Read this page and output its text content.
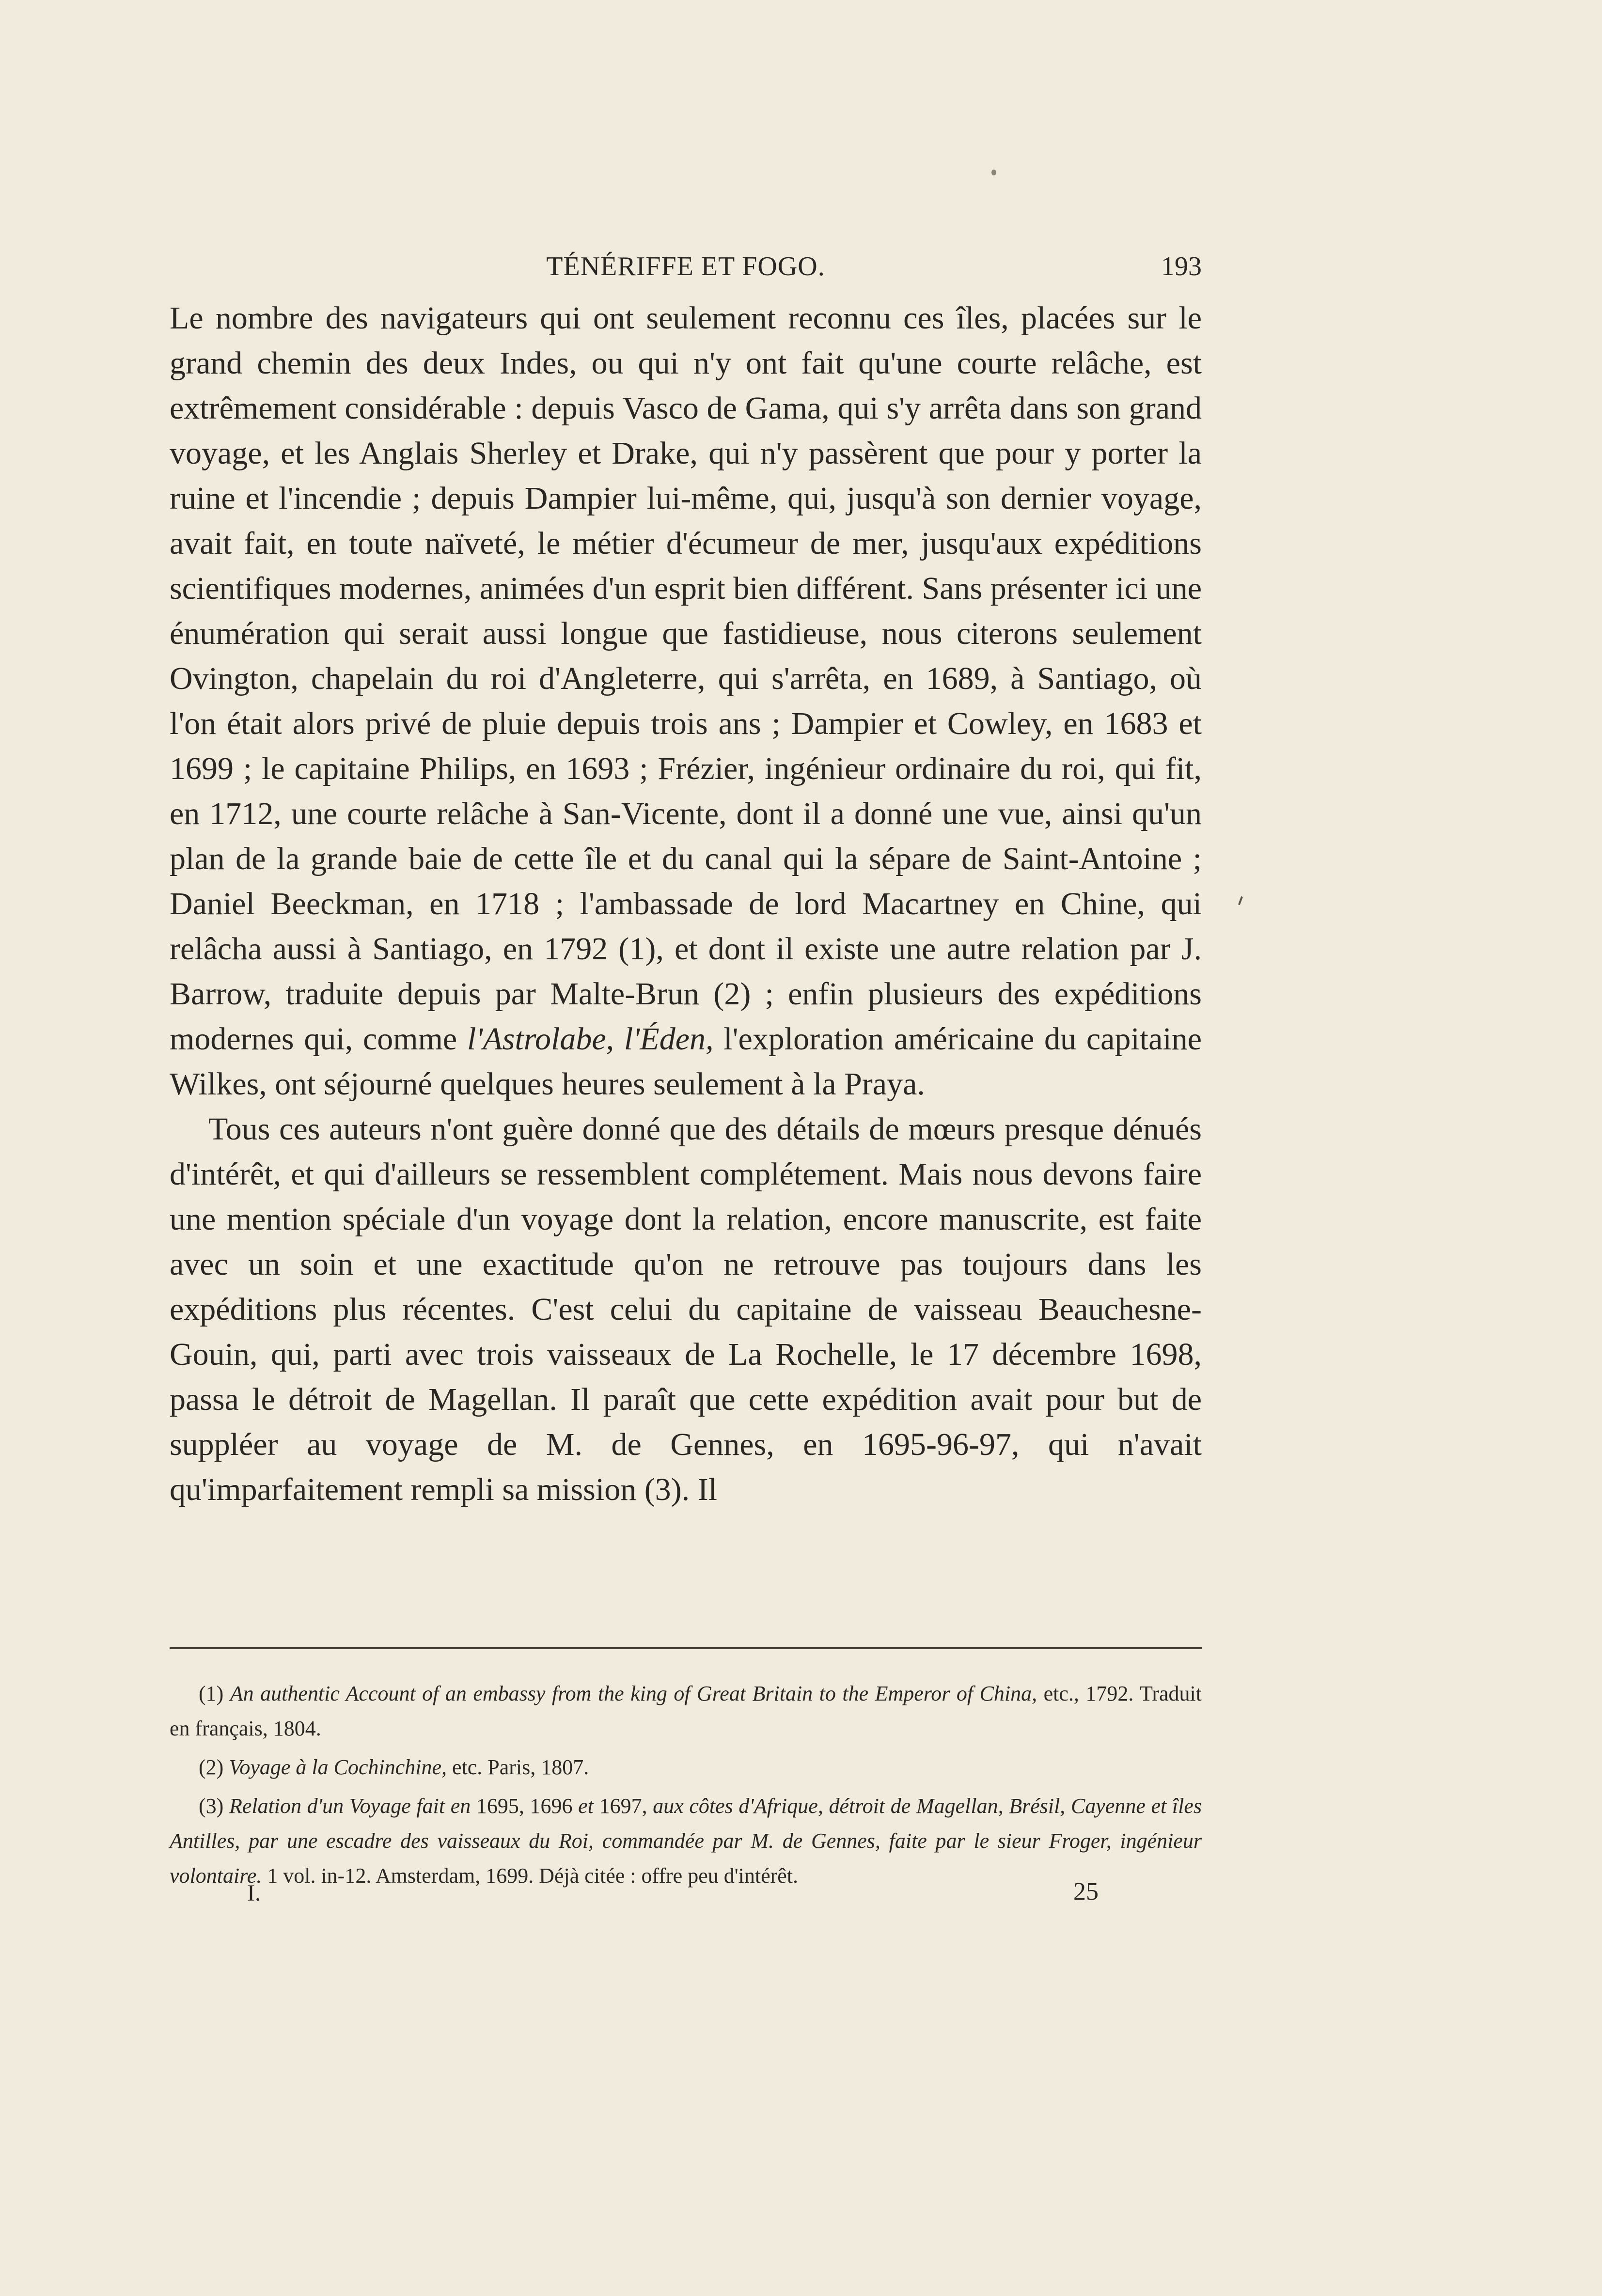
TÉNÉRIFFE ET FOGO.	193

Le nombre des navigateurs qui ont seulement reconnu ces îles, placées sur le grand chemin des deux Indes, ou qui n'y ont fait qu'une courte relâche, est extrêmement considérable : depuis Vasco de Gama, qui s'y arrêta dans son grand voyage, et les Anglais Sherley et Drake, qui n'y passèrent que pour y porter la ruine et l'incendie ; depuis Dampier lui-même, qui, jusqu'à son dernier voyage, avait fait, en toute naïveté, le métier d'écumeur de mer, jusqu'aux expéditions scientifiques modernes, animées d'un esprit bien différent. Sans présenter ici une énumération qui serait aussi longue que fastidieuse, nous citerons seulement Ovington, chapelain du roi d'Angleterre, qui s'arrêta, en 1689, à Santiago, où l'on était alors privé de pluie depuis trois ans ; Dampier et Cowley, en 1683 et 1699 ; le capitaine Philips, en 1693 ; Frézier, ingénieur ordinaire du roi, qui fit, en 1712, une courte relâche à San-Vicente, dont il a donné une vue, ainsi qu'un plan de la grande baie de cette île et du canal qui la sépare de Saint-Antoine ; Daniel Beeckman, en 1718 ; l'ambassade de lord Macartney en Chine, qui relâcha aussi à Santiago, en 1792 (1), et dont il existe une autre relation par J. Barrow, traduite depuis par Malte-Brun (2) ; enfin plusieurs des expéditions modernes qui, comme l'Astrolabe, l'Éden, l'exploration américaine du capitaine Wilkes, ont séjourné quelques heures seulement à la Praya.

Tous ces auteurs n'ont guère donné que des détails de mœurs presque dénués d'intérêt, et qui d'ailleurs se ressemblent complétement. Mais nous devons faire une mention spéciale d'un voyage dont la relation, encore manuscrite, est faite avec un soin et une exactitude qu'on ne retrouve pas toujours dans les expéditions plus récentes. C'est celui du capitaine de vaisseau Beauchesne-Gouin, qui, parti avec trois vaisseaux de La Rochelle, le 17 décembre 1698, passa le détroit de Magellan. Il paraît que cette expédition avait pour but de suppléer au voyage de M. de Gennes, en 1695-96-97, qui n'avait qu'imparfaitement rempli sa mission (3). Il

(1) An authentic Account of an embassy from the king of Great Britain to the Emperor of China, etc., 1792. Traduit en français, 1804.

(2) Voyage à la Cochinchine, etc. Paris, 1807.

(3) Relation d'un Voyage fait en 1695, 1696 et 1697, aux côtes d'Afrique, détroit de Magellan, Brésil, Cayenne et îles Antilles, par une escadre des vaisseaux du Roi, commandée par M. de Gennes, faite par le sieur Froger, ingénieur volontaire. 1 vol. in-12. Amsterdam, 1699. Déjà citée : offre peu d'intérêt.

I.	25
